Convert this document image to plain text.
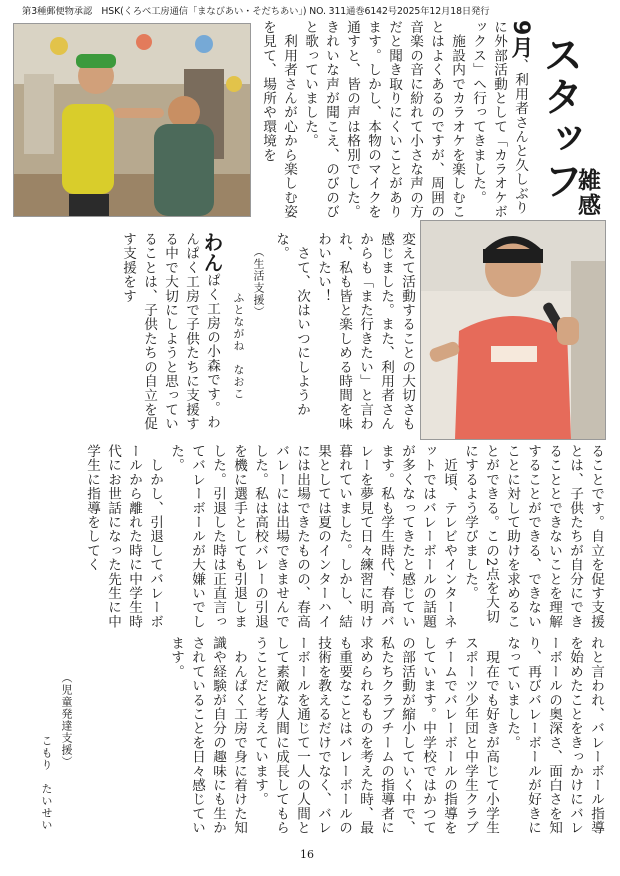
第3種郵便物承認　HSK(くろべ工房通信「まなびあい・そだちあい」) NO. 311通巻6142号2025年12月18日発行
スタッフ
雑感
9月、利用者さんと久しぶりに外部活動として「カラオケボックス」へ行ってきました。
　施設内でカラオケを楽しむことはよくあるのですが、周囲の音楽の音に紛れて小さな声の方だと聞き取りにくいことがあります。しかし、本物のマイクを通すと、皆の声は格別でした。きれいな声が聞こえ、のびのびと歌っていました。
　利用者さんが心から楽しむ姿を見て、場所や環境を
変えて活動することの大切さも感じました。また、利用者さんからも「また行きたい」と言われ、私も皆と楽しめる時間を味わいたい！
　さて、次はいつにしようかな。
（生活支援）
ふとながね　なおこ
わんぱく工房の小森です。わんぱく工房で子供たちに支援する中で大切にしようと思っていることは、子供たちの自立を促す支援をす
ることです。自立を促す支援とは、子供たちが自分にできることとできないことを理解することができる、できないことに対して助けを求めることができる。この2点を大切にするよう学びました。
　近頃、テレビやインターネットではバレーボールの話題が多くなってきたと感じています。私も学生時代、春高バレーを夢見て日々練習に明け暮れていました。しかし、結果としては夏のインターハイには出場できたものの、春高バレーには出場できませんでした。私は高校バレーの引退を機に選手としても引退しました。引退した時は正直言ってバレーボールが大嫌いでした。
　しかし、引退してバレーボールから離れた時に中学生時代にお世話になった先生に中学生に指導をしてく
れと言われ、バレーボール指導を始めたことをきっかけにバレーボールの奥深さ、面白さを知り、再びバレーボールが好きになっていました。
　現在でも好きが高じて小学生スポーツ少年団と中学生クラブチームでバレーボールの指導をしています。中学校ではかつての部活動が縮小していく中で、私たちクラブチームの指導者に求められるものを考えた時、最も重要なことはバレーボールの技術を教えるだけでなく、バレーボールを通じて一人の人間として素敵な人間に成長してもらうことだと考えています。
　わんぱく工房で身に着けた知識や経験が自分の趣味にも生かされていることを日々感じています。
（児童発達支援）
こもり　たいせい
16
